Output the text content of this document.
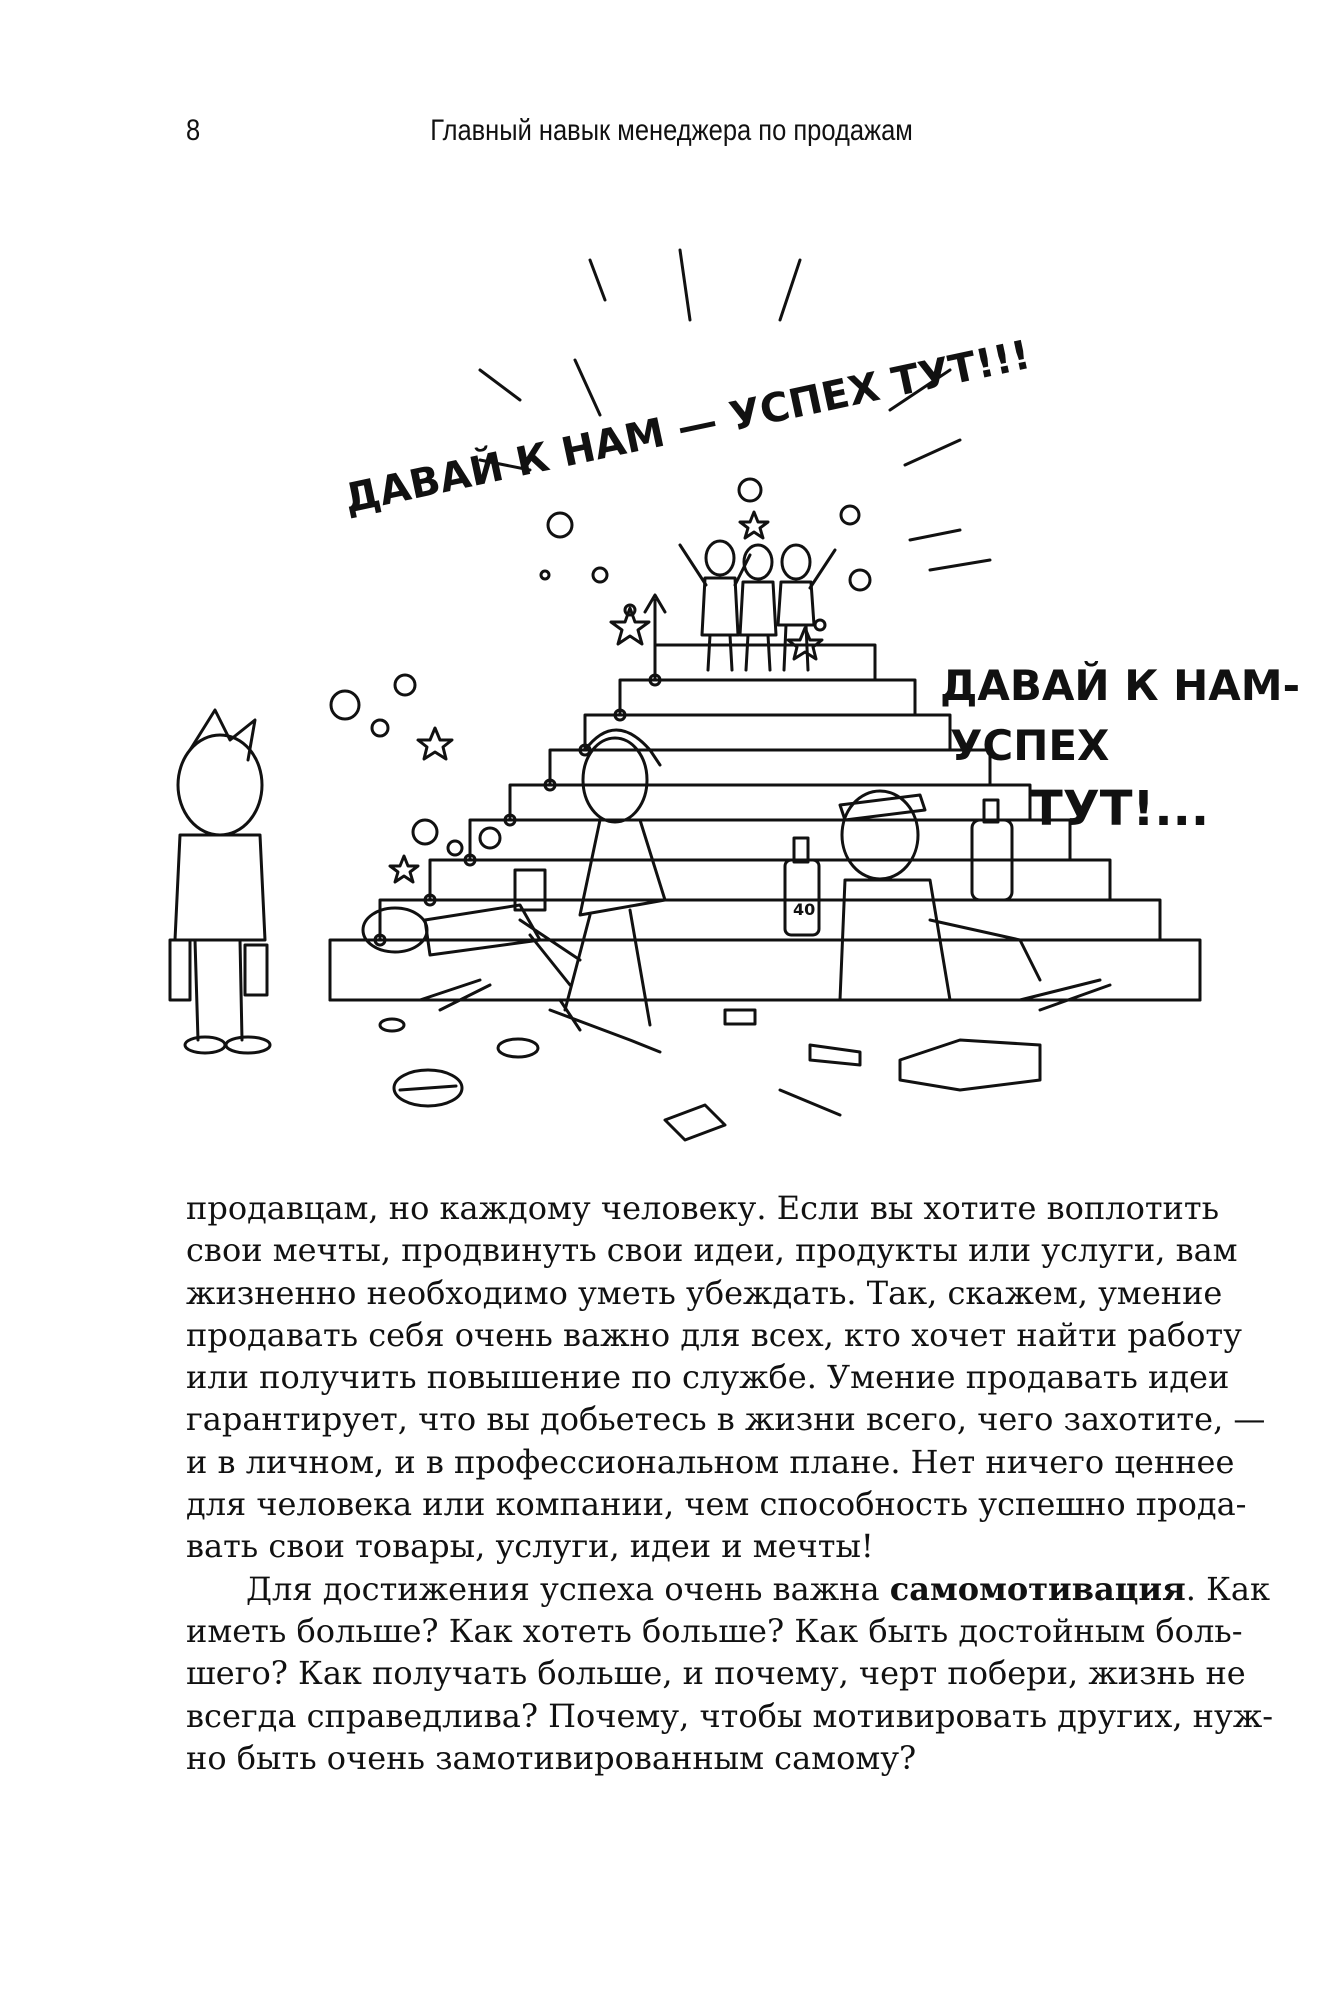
8	Главный навык менеджера по продажам
ДАВАЙ К НАМ — УСПЕХ ТУТ!!!
ДАВАЙ К НАМ-
УСПЕХ
ТУТ!...
40
продавцам, но каждому человеку. Если вы хотите воплотить
свои мечты, продвинуть свои идеи, продукты или услуги, вам
жизненно необходимо уметь убеждать. Так, скажем, умение
продавать себя очень важно для всех, кто хочет найти работу
или получить повышение по службе. Умение продавать идеи
гарантирует, что вы добьетесь в жизни всего, чего захотите, —
и в личном, и в профессиональном плане. Нет ничего ценнее
для человека или компании, чем способность успешно прода-
вать свои товары, услуги, идеи и мечты!
Для достижения успеха очень важна самомотивация. Как
иметь больше? Как хотеть больше? Как быть достойным боль-
шего? Как получать больше, и почему, черт побери, жизнь не
всегда справедлива? Почему, чтобы мотивировать других, нуж-
но быть очень замотивированным самому?
